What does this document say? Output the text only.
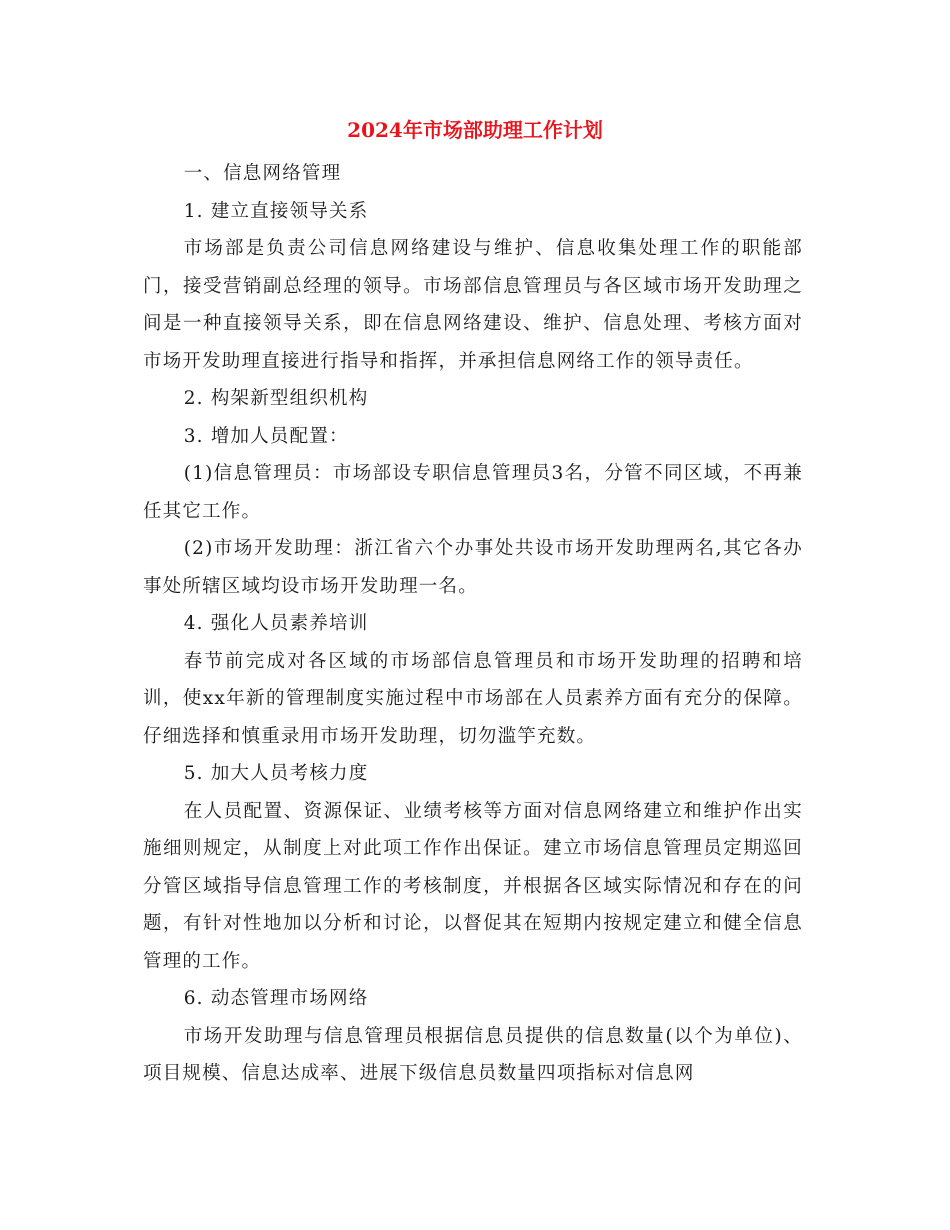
2024年市场部助理工作计划

一、信息网络管理

1. 建立直接领导关系

市场部是负责公司信息网络建设与维护、信息收集处理工作的职能部门，接受营销副总经理的领导。市场部信息管理员与各区域市场开发助理之间是一种直接领导关系，即在信息网络建设、维护、信息处理、考核方面对市场开发助理直接进行指导和指挥，并承担信息网络工作的领导责任。

2. 构架新型组织机构

3. 增加人员配置：

(1)信息管理员：市场部设专职信息管理员3名，分管不同区域，不再兼任其它工作。

(2)市场开发助理：浙江省六个办事处共设市场开发助理两名,其它各办事处所辖区域均设市场开发助理一名。

4. 强化人员素养培训

春节前完成对各区域的市场部信息管理员和市场开发助理的招聘和培训，使xx年新的管理制度实施过程中市场部在人员素养方面有充分的保障。仔细选择和慎重录用市场开发助理，切勿滥竽充数。

5. 加大人员考核力度

在人员配置、资源保证、业绩考核等方面对信息网络建立和维护作出实施细则规定，从制度上对此项工作作出保证。建立市场信息管理员定期巡回分管区域指导信息管理工作的考核制度，并根据各区域实际情况和存在的问题，有针对性地加以分析和讨论，以督促其在短期内按规定建立和健全信息管理的工作。

6. 动态管理市场网络

市场开发助理与信息管理员根据信息员提供的信息数量(以个为单位)、项目规模、信息达成率、进展下级信息员数量四项指标对信息网
